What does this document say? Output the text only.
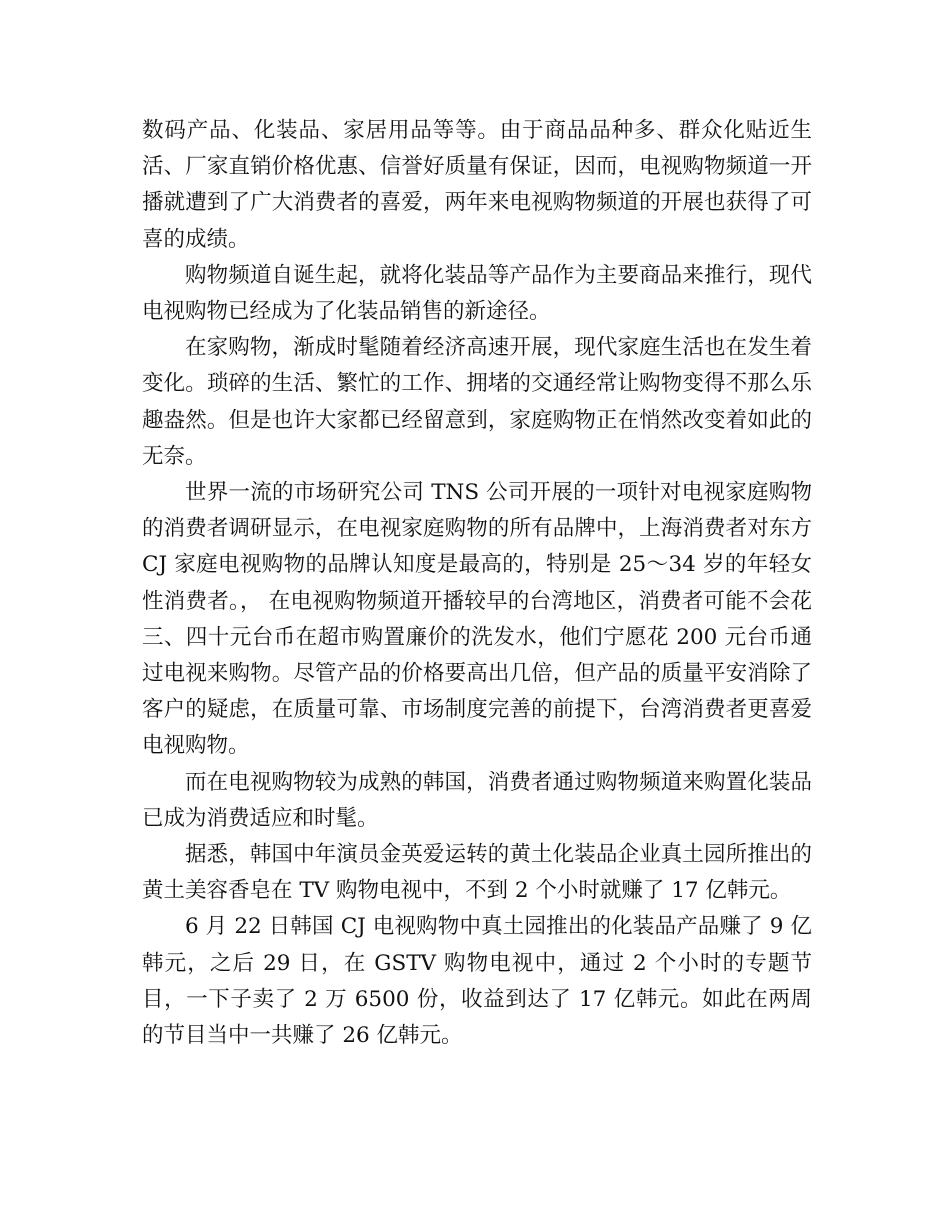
数码产品、化装品、家居用品等等。由于商品品种多、群众化贴近生活、厂家直销价格优惠、信誉好质量有保证，因而，电视购物频道一开播就遭到了广大消费者的喜爱，两年来电视购物频道的开展也获得了可喜的成绩。

购物频道自诞生起，就将化装品等产品作为主要商品来推行，现代电视购物已经成为了化装品销售的新途径。

在家购物，渐成时髦随着经济高速开展，现代家庭生活也在发生着变化。琐碎的生活、繁忙的工作、拥堵的交通经常让购物变得不那么乐趣盎然。但是也许大家都已经留意到，家庭购物正在悄然改变着如此的无奈。

世界一流的市场研究公司 TNS 公司开展的一项针对电视家庭购物的消费者调研显示，在电视家庭购物的所有品牌中，上海消费者对东方 CJ 家庭电视购物的品牌认知度是最高的，特别是 25～34 岁的年轻女性消费者。， 在电视购物频道开播较早的台湾地区，消费者可能不会花三、四十元台币在超市购置廉价的洗发水，他们宁愿花 200 元台币通过电视来购物。尽管产品的价格要高出几倍，但产品的质量平安消除了客户的疑虑，在质量可靠、市场制度完善的前提下，台湾消费者更喜爱电视购物。

而在电视购物较为成熟的韩国，消费者通过购物频道来购置化装品已成为消费适应和时髦。

据悉，韩国中年演员金英爱运转的黄土化装品企业真土园所推出的黄土美容香皂在 TV 购物电视中，不到 2 个小时就赚了 17 亿韩元。

6 月 22 日韩国 CJ 电视购物中真土园推出的化装品产品赚了 9 亿韩元，之后 29 日，在 GSTV 购物电视中，通过 2 个小时的专题节目，一下子卖了 2 万 6500 份，收益到达了 17 亿韩元。如此在两周的节目当中一共赚了 26 亿韩元。
